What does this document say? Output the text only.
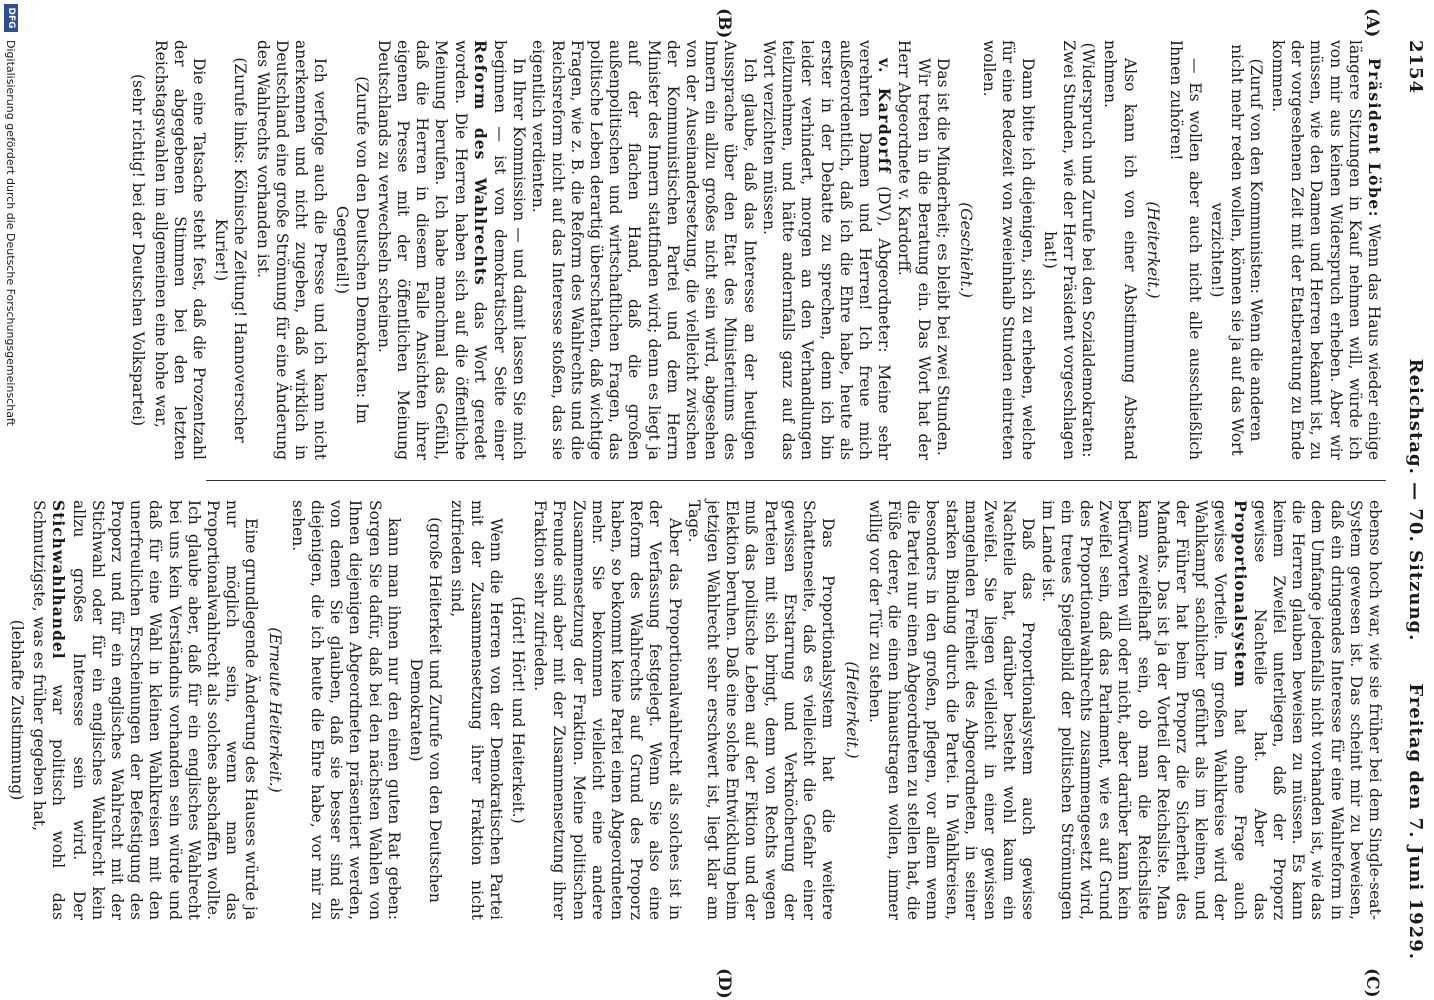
2154
Reichstag. — 70. Sitzung.
Freitag den 7. Juni 1929.
(A)
(B)
(C)
(D)

Präsident Löbe: Wenn das Haus wieder einige längere Sitzungen in Kauf nehmen will, würde ich von mir aus keinen Widerspruch erheben. Aber wir müssen, wie den Damen und Herren bekannt ist, zu der vorgesehenen Zeit mit der Etatberatung zu Ende kommen.

(Zuruf von den Kommunisten: Wenn die anderen nicht mehr reden wollen, können sie ja auf das Wort verzichten!)

— Es wollen aber auch nicht alle ausschließlich Ihnen zuhören!

(Heiterkeit.)

Also kann ich von einer Abstimmung Abstand nehmen.

(Widerspruch und Zurufe bei den Sozialdemokraten: Zwei Stunden, wie der Herr Präsident vorgeschlagen hat!)

Dann bitte ich diejenigen, sich zu erheben, welche für eine Redezeit von zweieinhalb Stunden eintreten wollen.

(Geschieht.)

Das ist die Minderheit; es bleibt bei zwei Stunden.

Wir treten in die Beratung ein. Das Wort hat der Herr Abgeordnete v. Kardorff.

v. Kardorff (DV), Abgeordneter: Meine sehr verehrten Damen und Herren! Ich freue mich außerordentlich, daß ich die Ehre habe, heute als erster in der Debatte zu sprechen, denn ich bin leider verhindert, morgen an den Verhandlungen teilzunehmen, und hätte andernfalls ganz auf das Wort verzichten müssen.

Ich glaube, daß das Interesse an der heutigen Aussprache über den Etat des Ministeriums des Innern ein allzu großes nicht sein wird, abgesehen von der Auseinandersetzung, die vielleicht zwischen der Kommunistischen Partei und dem Herrn Minister des Innern stattfinden wird; denn es liegt ja auf der flachen Hand, daß die großen außenpolitischen und wirtschaftlichen Fragen, das politische Leben derartig überschatten, daß wichtige Fragen, wie z. B. die Reform des Wahlrechts und die Reichsreform nicht auf das Interesse stoßen, das sie eigentlich verdienten.

In Ihrer Kommission — und damit lassen Sie mich beginnen — ist von demokratischer Seite einer Reform des Wahlrechts das Wort geredet worden. Die Herren haben sich auf die öffentliche Meinung berufen. Ich habe manchmal das Gefühl, daß die Herren in diesem Falle Ansichten ihrer eigenen Presse mit der öffentlichen Meinung Deutschlands zu verwechseln scheinen.

(Zurufe von den Deutschen Demokraten: Im Gegenteil!)

Ich verfolge auch die Presse und ich kann nicht anerkennen und nicht zugeben, daß wirklich in Deutschland eine große Strömung für eine Änderung des Wahlrechts vorhanden ist.

(Zurufe links: Kölnische Zeitung! Hannoverscher Kurier!)

Die eine Tatsache steht fest, daß die Prozentzahl der abgegebenen Stimmen bei den letzten Reichstagswahlen im allgemeinen eine hohe war,

(sehr richtig! bei der Deutschen Volkspartei)

ebenso hoch war, wie sie früher bei dem Single-seat-System gewesen ist. Das scheint mir zu beweisen, daß ein dringendes Interesse für eine Wahlreform in dem Umfange jedenfalls nicht vorhanden ist, wie das die Herren glauben beweisen zu müssen. Es kann keinem Zweifel unterliegen, daß der Proporz gewisse Nachteile hat. Aber das Proportionalsystem hat ohne Frage auch gewisse Vorteile. Im großen Wahlkreise wird der Wahlkampf sachlicher geführt als im kleinen, und der Führer hat beim Proporz die Sicherheit des Mandats. Das ist ja der Vorteil der Reichsliste. Man kann zweifelhaft sein, ob man die Reichsliste befürworten will oder nicht, aber darüber kann kein Zweifel sein, daß das Parlament, wie es auf Grund des Proportionalwahlrechts zusammengesetzt wird, ein treues Spiegelbild der politischen Strömungen im Lande ist.

Daß das Proportionalsystem auch gewisse Nachteile hat, darüber besteht wohl kaum ein Zweifel. Sie liegen vielleicht in einer gewissen mangelnden Freiheit des Abgeordneten, in seiner starken Bindung durch die Partei. In Wahlkreisen, besonders in den großen, pflegen, vor allem wenn die Partei nur einen Abgeordneten zu stellen hat, die Füße derer, die einen hinaustragen wollen, immer willig vor der Tür zu stehen.

(Heiterkeit.)

Das Proportionalsystem hat die weitere Schattenseite, daß es vielleicht die Gefahr einer gewissen Erstarrung und Verknöcherung der Parteien mit sich bringt, denn von Rechts wegen muß das politische Leben auf der Fiktion und der Elektion beruhen. Daß eine solche Entwicklung beim jetzigen Wahlrecht sehr erschwert ist, liegt klar am Tage.

Aber das Proportionalwahlrecht als solches ist in der Verfassung festgelegt. Wenn Sie also eine Reform des Wahlrechts auf Grund des Proporz haben, so bekommt keine Partei einen Abgeordneten mehr. Sie bekommen vielleicht eine andere Zusammensetzung der Fraktion. Meine politischen Freunde sind aber mit der Zusammensetzung ihrer Fraktion sehr zufrieden.

(Hört! Hört! und Heiterkeit.)

Wenn die Herren von der Demokratischen Partei mit der Zusammensetzung ihrer Fraktion nicht zufrieden sind,

(große Heiterkeit und Zurufe von den Deutschen Demokraten)

kann man ihnen nur den einen guten Rat geben: Sorgen Sie dafür, daß bei den nächsten Wahlen von Ihnen diejenigen Abgeordneten präsentiert werden, von denen Sie glauben, daß sie besser sind als diejenigen, die ich heute die Ehre habe, vor mir zu sehen.

(Erneute Heiterkeit.)

Eine grundlegende Änderung des Hauses würde ja nur möglich sein, wenn man das Proportionalwahlrecht als solches abschaffen wollte. Ich glaube aber, daß für ein englisches Wahlrecht bei uns kein Verständnis vorhanden sein würde und daß für eine Wahl in kleinen Wahlkreisen mit den unerfreulichen Erscheinungen der Befestigung des Proporz und für ein englisches Wahlrecht mit der Stichwahl oder für ein englisches Wahlrecht kein allzu großes Interesse sein wird. Der Stichwahlhandel war politisch wohl das Schmutzigste, was es früher gegeben hat,

(lebhafte Zustimmung)

DFG
Digitalisierung gefördert durch die Deutsche Forschungsgemeinschaft
